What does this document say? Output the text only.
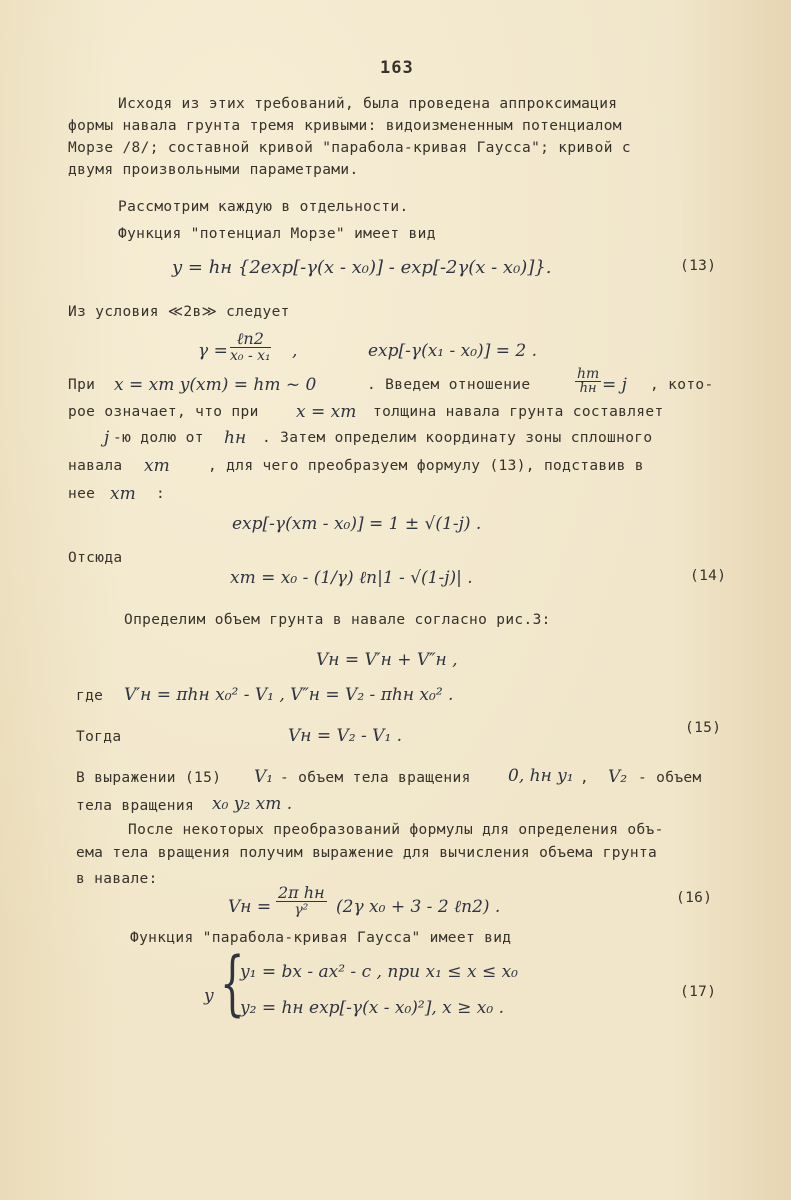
163
Исходя из этих требований, была проведена аппроксимация
формы навала грунта тремя кривыми: видоизмененным потенциалом
Морзе /8/; составной кривой "парабола-кривая Гаусса"; кривой с
двумя произвольными параметрами.
Рассмотрим каждую в отдельности.
Функция "потенциал Морзе" имеет вид
y = hн {2exp[-γ(x - x₀)] - exp[-2γ(x - x₀)]}.	(13)
Из условия ≪2в≫ следует
γ =
ℓn2
x₀ - x₁ ,	exp[-γ(x₁ - x₀)] = 2 .
При x = xm y(xm) = hm ~ 0	. Введем отношение
hm
hн = j , кото-
рое означает, что при x = xm толщина навала грунта составляет
j -ю долю от hн . Затем определим координату зоны сплошного
навала xm	, для чего преобразуем формулу (13), подставив в
нее xm :
exp[-γ(xm - x₀)] = 1 ± √(1-j) .
Отсюда
xm = x₀ - (1/γ) ℓn|1 - √(1-j)| .	(14)
Определим объем грунта в навале согласно рис.3:
Vн = V′н + V″н ,
где V′н = πhн x₀² - V₁ , V″н = V₂ - πhн x₀² .
Тогда	Vн = V₂ - V₁ .	(15)
В выражении (15) V₁ - объем тела вращения 0, hн y₁ , V₂ - объем
тела вращения x₀ y₂ xm .
После некоторых преобразований формулы для определения объ-
ема тела вращения получим выражение для вычисления объема грунта
в навале:
Vн =
2π hн
γ²	(2γ x₀ + 3 - 2 ℓn2) .	(16)
Функция "парабола-кривая Гаусса" имеет вид
y {
y₁ = bx - ax² - c , при x₁ ≤ x ≤ x₀
y₂ = hн exp[-γ(x - x₀)²], x ≥ x₀ .
(17)
